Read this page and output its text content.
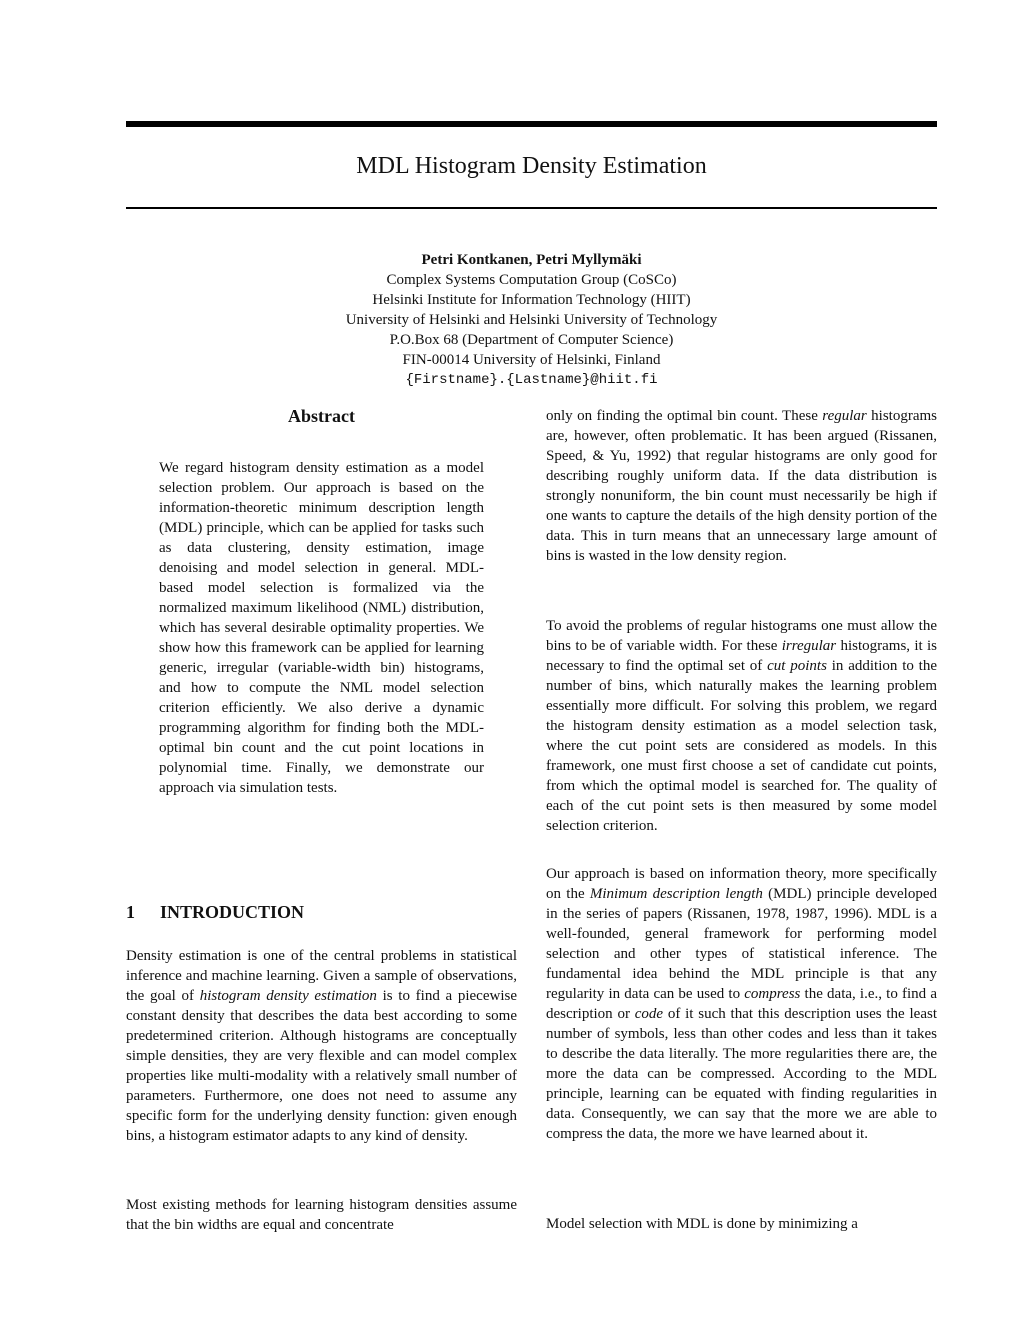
MDL Histogram Density Estimation
Petri Kontkanen, Petri Myllymäki
Complex Systems Computation Group (CoSCo)
Helsinki Institute for Information Technology (HIIT)
University of Helsinki and Helsinki University of Technology
P.O.Box 68 (Department of Computer Science)
FIN-00014 University of Helsinki, Finland
{Firstname}.{Lastname}@hiit.fi
Abstract

We regard histogram density estimation as a model selection problem. Our approach is based on the information-theoretic minimum description length (MDL) principle, which can be applied for tasks such as data clustering, density estimation, image denoising and model selection in general. MDL-based model selection is formalized via the normalized maximum likelihood (NML) distribution, which has several desirable optimality properties. We show how this framework can be applied for learning generic, irregular (variable-width bin) histograms, and how to compute the NML model selection criterion efficiently. We also derive a dynamic programming algorithm for finding both the MDL-optimal bin count and the cut point locations in polynomial time. Finally, we demonstrate our approach via simulation tests.

1 INTRODUCTION

Density estimation is one of the central problems in statistical inference and machine learning. Given a sample of observations, the goal of histogram density estimation is to find a piecewise constant density that describes the data best according to some predetermined criterion. Although histograms are conceptually simple densities, they are very flexible and can model complex properties like multi-modality with a relatively small number of parameters. Furthermore, one does not need to assume any specific form for the underlying density function: given enough bins, a histogram estimator adapts to any kind of density.

Most existing methods for learning histogram densities assume that the bin widths are equal and concentrate

only on finding the optimal bin count. These regular histograms are, however, often problematic. It has been argued (Rissanen, Speed, & Yu, 1992) that regular histograms are only good for describing roughly uniform data. If the data distribution is strongly nonuniform, the bin count must necessarily be high if one wants to capture the details of the high density portion of the data. This in turn means that an unnecessary large amount of bins is wasted in the low density region.

To avoid the problems of regular histograms one must allow the bins to be of variable width. For these irregular histograms, it is necessary to find the optimal set of cut points in addition to the number of bins, which naturally makes the learning problem essentially more difficult. For solving this problem, we regard the histogram density estimation as a model selection task, where the cut point sets are considered as models. In this framework, one must first choose a set of candidate cut points, from which the optimal model is searched for. The quality of each of the cut point sets is then measured by some model selection criterion.

Our approach is based on information theory, more specifically on the Minimum description length (MDL) principle developed in the series of papers (Rissanen, 1978, 1987, 1996). MDL is a well-founded, general framework for performing model selection and other types of statistical inference. The fundamental idea behind the MDL principle is that any regularity in data can be used to compress the data, i.e., to find a description or code of it such that this description uses the least number of symbols, less than other codes and less than it takes to describe the data literally. The more regularities there are, the more the data can be compressed. According to the MDL principle, learning can be equated with finding regularities in data. Consequently, we can say that the more we are able to compress the data, the more we have learned about it.

Model selection with MDL is done by minimizing a
